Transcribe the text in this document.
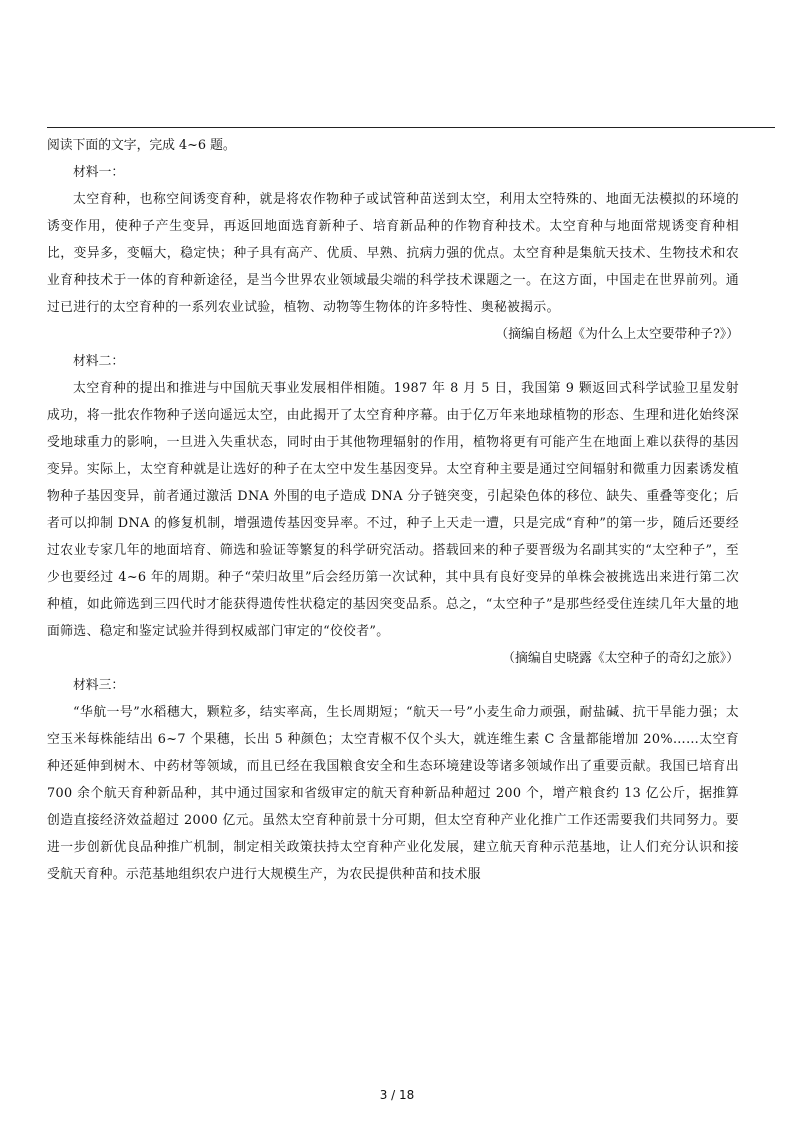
阅读下面的文字，完成 4~6 题。

材料一：

太空育种，也称空间诱变育种，就是将农作物种子或试管种苗送到太空，利用太空特殊的、地面无法模拟的环境的诱变作用，使种子产生变异，再返回地面选育新种子、培育新品种的作物育种技术。太空育种与地面常规诱变育种相比，变异多，变幅大，稳定快；种子具有高产、优质、早熟、抗病力强的优点。太空育种是集航天技术、生物技术和农业育种技术于一体的育种新途径，是当今世界农业领域最尖端的科学技术课题之一。在这方面，中国走在世界前列。通过已进行的太空育种的一系列农业试验，植物、动物等生物体的许多特性、奥秘被揭示。

（摘编自杨超《为什么上太空要带种子?》）

材料二：

太空育种的提出和推进与中国航天事业发展相伴相随。1987 年 8 月 5 日，我国第 9 颗返回式科学试验卫星发射成功，将一批农作物种子送向遥远太空，由此揭开了太空育种序幕。由于亿万年来地球植物的形态、生理和进化始终深受地球重力的影响，一旦进入失重状态，同时由于其他物理辐射的作用，植物将更有可能产生在地面上难以获得的基因变异。实际上，太空育种就是让选好的种子在太空中发生基因变异。太空育种主要是通过空间辐射和微重力因素诱发植物种子基因变异，前者通过激活 DNA 外围的电子造成 DNA 分子链突变，引起染色体的移位、缺失、重叠等变化；后者可以抑制 DNA 的修复机制，增强遗传基因变异率。不过，种子上天走一遭，只是完成“育种”的第一步，随后还要经过农业专家几年的地面培育、筛选和验证等繁复的科学研究活动。搭载回来的种子要晋级为名副其实的“太空种子”，至少也要经过 4~6 年的周期。种子“荣归故里”后会经历第一次试种，其中具有良好变异的单株会被挑选出来进行第二次种植，如此筛选到三四代时才能获得遗传性状稳定的基因突变品系。总之，“太空种子”是那些经受住连续几年大量的地面筛选、稳定和鉴定试验并得到权威部门审定的“佼佼者”。

（摘编自史晓露《太空种子的奇幻之旅》）

材料三：

“华航一号”水稻穗大，颗粒多，结实率高，生长周期短；“航天一号”小麦生命力顽强，耐盐碱、抗干旱能力强；太空玉米每株能结出 6~7 个果穗，长出 5 种颜色；太空青椒不仅个头大，就连维生素 C 含量都能增加 20%……太空育种还延伸到树木、中药材等领域，而且已经在我国粮食安全和生态环境建设等诸多领域作出了重要贡献。我国已培育出 700 余个航天育种新品种，其中通过国家和省级审定的航天育种新品种超过 200 个，增产粮食约 13 亿公斤，据推算创造直接经济效益超过 2000 亿元。虽然太空育种前景十分可期，但太空育种产业化推广工作还需要我们共同努力。要进一步创新优良品种推广机制，制定相关政策扶持太空育种产业化发展，建立航天育种示范基地，让人们充分认识和接受航天育种。示范基地组织农户进行大规模生产，为农民提供种苗和技术服

3 / 18
